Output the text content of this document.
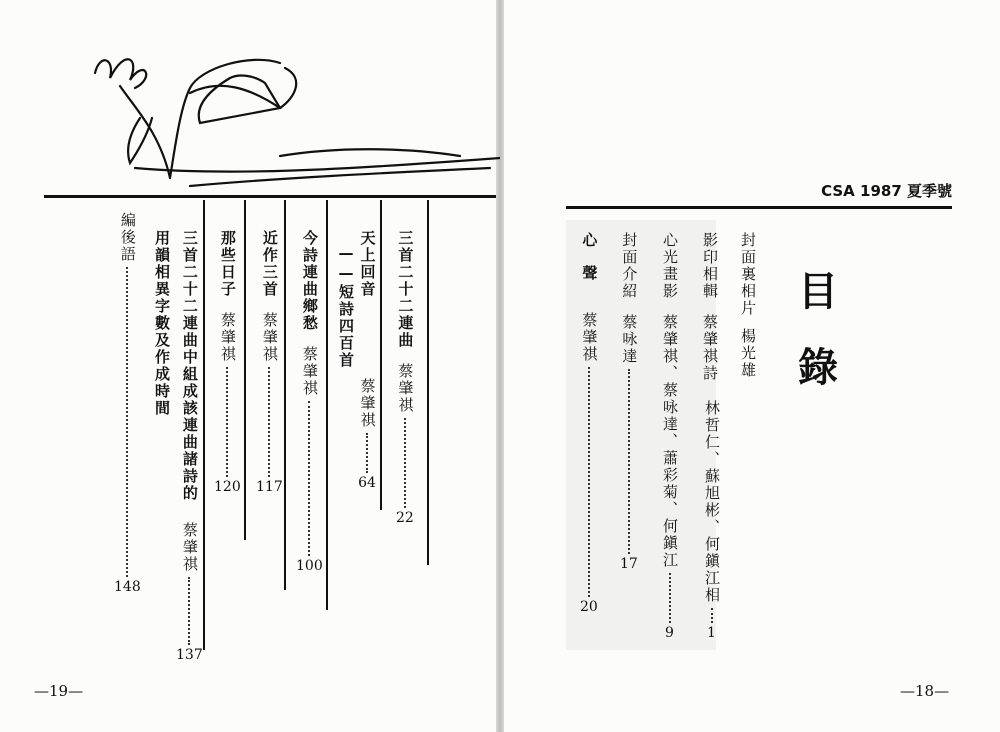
CSA 1987 夏季號
目
錄
三首二十二連曲
蔡肇祺
22
天上回音
蔡肇祺
64
——短詩四百首
今詩連曲鄉愁
蔡肇祺
100
近作三首
蔡肇祺
117
那些日子
蔡肇祺
120
三首二十二連曲中組成該連曲諸詩的
蔡肇祺
137
用韻相異字數及作成時間
編後語
148
封面裏相片
楊光雄
影印相輯
蔡肇祺詩
林哲仁、蘇旭彬、何鎭江相
1
心光畫影
蔡肇祺、蔡咏達、蕭彩菊、何鎭江
9
封面介紹
蔡咏達
17
心聲
蔡肇祺
20
—19—	—18—
